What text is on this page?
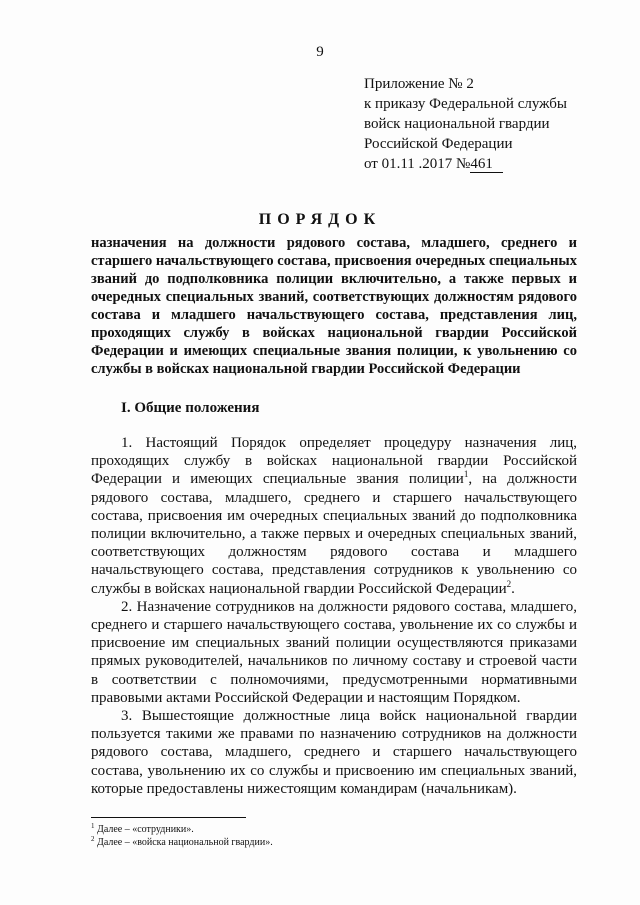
9
Приложение № 2
к приказу Федеральной службы
войск национальной гвардии
Российской Федерации
от 01.11 .2017 №461
ПОРЯДОК
назначения на должности рядового состава, младшего, среднего и старшего начальствующего состава, присвоения очередных специальных званий до подполковника полиции включительно, а также первых и очередных специальных званий, соответствующих должностям рядового состава и младшего начальствующего состава, представления лиц, проходящих службу в войсках национальной гвардии Российской Федерации и имеющих специальные звания полиции, к увольнению со службы в войсках национальной гвардии Российской Федерации
I. Общие положения

1. Настоящий Порядок определяет процедуру назначения лиц, проходящих службу в войсках национальной гвардии Российской Федерации и имеющих специальные звания полиции$^1$, на должности рядового состава, младшего, среднего и старшего начальствующего состава, присвоения им очередных специальных званий до подполковника полиции включительно, а также первых и очередных специальных званий, соответствующих должностям рядового состава и младшего начальствующего состава, представления сотрудников к увольнению со службы в войсках национальной гвардии Российской Федерации$^2$.

2. Назначение сотрудников на должности рядового состава, младшего, среднего и старшего начальствующего состава, увольнение их со службы и присвоение им специальных званий полиции осуществляются приказами прямых руководителей, начальников по личному составу и строевой части в соответствии с полномочиями, предусмотренными нормативными правовыми актами Российской Федерации и настоящим Порядком.

3. Вышестоящие должностные лица войск национальной гвардии пользуется такими же правами по назначению сотрудников на должности рядового состава, младшего, среднего и старшего начальствующего состава, увольнению их со службы и присвоению им специальных званий, которые предоставлены нижестоящим командирам (начальникам).

$^1$ Далее – «сотрудники».
$^2$ Далее – «войска национальной гвардии».
